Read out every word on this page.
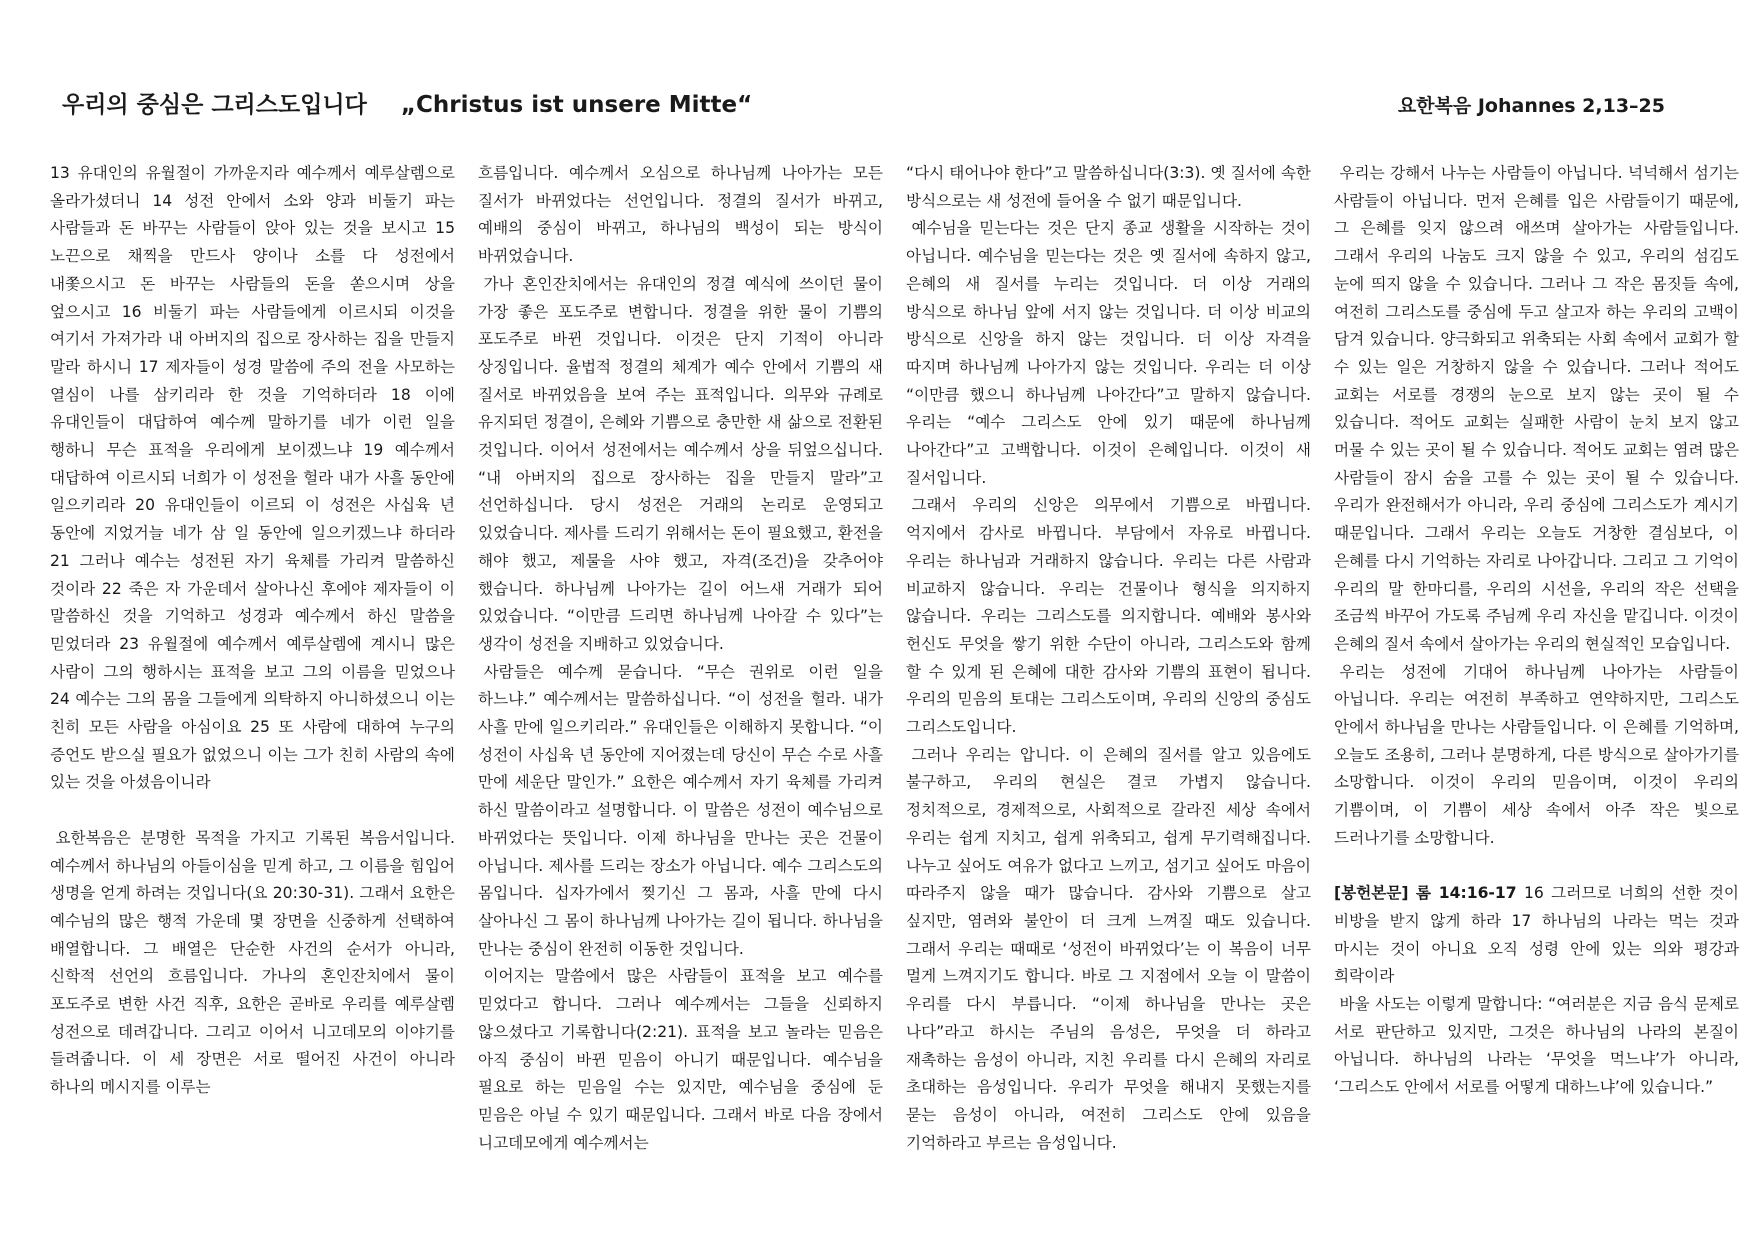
우리의 중심은 그리스도입니다 „Christus ist unsere Mitte“	요한복음 Johannes 2,13–25

13 유대인의 유월절이 가까운지라 예수께서 예루살렘으로 올라가셨더니 14 성전 안에서 소와 양과 비둘기 파는 사람들과 돈 바꾸는 사람들이 앉아 있는 것을 보시고 15 노끈으로 채찍을 만드사 양이나 소를 다 성전에서 내쫓으시고 돈 바꾸는 사람들의 돈을 쏟으시며 상을 엎으시고 16 비둘기 파는 사람들에게 이르시되 이것을 여기서 가져가라 내 아버지의 집으로 장사하는 집을 만들지 말라 하시니 17 제자들이 성경 말씀에 주의 전을 사모하는 열심이 나를 삼키리라 한 것을 기억하더라 18 이에 유대인들이 대답하여 예수께 말하기를 네가 이런 일을 행하니 무슨 표적을 우리에게 보이겠느냐 19 예수께서 대답하여 이르시되 너희가 이 성전을 헐라 내가 사흘 동안에 일으키리라 20 유대인들이 이르되 이 성전은 사십육 년 동안에 지었거늘 네가 삼 일 동안에 일으키겠느냐 하더라 21 그러나 예수는 성전된 자기 육체를 가리켜 말씀하신 것이라 22 죽은 자 가운데서 살아나신 후에야 제자들이 이 말씀하신 것을 기억하고 성경과 예수께서 하신 말씀을 믿었더라 23 유월절에 예수께서 예루살렘에 계시니 많은 사람이 그의 행하시는 표적을 보고 그의 이름을 믿었으나 24 예수는 그의 몸을 그들에게 의탁하지 아니하셨으니 이는 친히 모든 사람을 아심이요 25 또 사람에 대하여 누구의 증언도 받으실 필요가 없었으니 이는 그가 친히 사람의 속에 있는 것을 아셨음이니라

요한복음은 분명한 목적을 가지고 기록된 복음서입니다. 예수께서 하나님의 아들이심을 믿게 하고, 그 이름을 힘입어 생명을 얻게 하려는 것입니다(요 20:30-31). 그래서 요한은 예수님의 많은 행적 가운데 몇 장면을 신중하게 선택하여 배열합니다. 그 배열은 단순한 사건의 순서가 아니라, 신학적 선언의 흐름입니다. 가나의 혼인잔치에서 물이 포도주로 변한 사건 직후, 요한은 곧바로 우리를 예루살렘 성전으로 데려갑니다. 그리고 이어서 니고데모의 이야기를 들려줍니다. 이 세 장면은 서로 떨어진 사건이 아니라 하나의 메시지를 이루는

흐름입니다. 예수께서 오심으로 하나님께 나아가는 모든 질서가 바뀌었다는 선언입니다. 정결의 질서가 바뀌고, 예배의 중심이 바뀌고, 하나님의 백성이 되는 방식이 바뀌었습니다.

가나 혼인잔치에서는 유대인의 정결 예식에 쓰이던 물이 가장 좋은 포도주로 변합니다. 정결을 위한 물이 기쁨의 포도주로 바뀐 것입니다. 이것은 단지 기적이 아니라 상징입니다. 율법적 정결의 체계가 예수 안에서 기쁨의 새 질서로 바뀌었음을 보여 주는 표적입니다. 의무와 규례로 유지되던 정결이, 은혜와 기쁨으로 충만한 새 삶으로 전환된 것입니다. 이어서 성전에서는 예수께서 상을 뒤엎으십니다. “내 아버지의 집으로 장사하는 집을 만들지 말라”고 선언하십니다. 당시 성전은 거래의 논리로 운영되고 있었습니다. 제사를 드리기 위해서는 돈이 필요했고, 환전을 해야 했고, 제물을 사야 했고, 자격(조건)을 갖추어야 했습니다. 하나님께 나아가는 길이 어느새 거래가 되어 있었습니다. “이만큼 드리면 하나님께 나아갈 수 있다”는 생각이 성전을 지배하고 있었습니다.

사람들은 예수께 묻습니다. “무슨 권위로 이런 일을 하느냐.” 예수께서는 말씀하십니다. “이 성전을 헐라. 내가 사흘 만에 일으키리라.” 유대인들은 이해하지 못합니다. “이 성전이 사십육 년 동안에 지어졌는데 당신이 무슨 수로 사흘 만에 세운단 말인가.” 요한은 예수께서 자기 육체를 가리켜 하신 말씀이라고 설명합니다. 이 말씀은 성전이 예수님으로 바뀌었다는 뜻입니다. 이제 하나님을 만나는 곳은 건물이 아닙니다. 제사를 드리는 장소가 아닙니다. 예수 그리스도의 몸입니다. 십자가에서 찢기신 그 몸과, 사흘 만에 다시 살아나신 그 몸이 하나님께 나아가는 길이 됩니다. 하나님을 만나는 중심이 완전히 이동한 것입니다.

이어지는 말씀에서 많은 사람들이 표적을 보고 예수를 믿었다고 합니다. 그러나 예수께서는 그들을 신뢰하지 않으셨다고 기록합니다(2:21). 표적을 보고 놀라는 믿음은 아직 중심이 바뀐 믿음이 아니기 때문입니다. 예수님을 필요로 하는 믿음일 수는 있지만, 예수님을 중심에 둔 믿음은 아닐 수 있기 때문입니다. 그래서 바로 다음 장에서 니고데모에게 예수께서는

“다시 태어나야 한다”고 말씀하십니다(3:3). 옛 질서에 속한 방식으로는 새 성전에 들어올 수 없기 때문입니다.

예수님을 믿는다는 것은 단지 종교 생활을 시작하는 것이 아닙니다. 예수님을 믿는다는 것은 옛 질서에 속하지 않고, 은혜의 새 질서를 누리는 것입니다. 더 이상 거래의 방식으로 하나님 앞에 서지 않는 것입니다. 더 이상 비교의 방식으로 신앙을 하지 않는 것입니다. 더 이상 자격을 따지며 하나님께 나아가지 않는 것입니다. 우리는 더 이상 “이만큼 했으니 하나님께 나아간다”고 말하지 않습니다. 우리는 “예수 그리스도 안에 있기 때문에 하나님께 나아간다”고 고백합니다. 이것이 은혜입니다. 이것이 새 질서입니다.

그래서 우리의 신앙은 의무에서 기쁨으로 바뀝니다. 억지에서 감사로 바뀝니다. 부담에서 자유로 바뀝니다. 우리는 하나님과 거래하지 않습니다. 우리는 다른 사람과 비교하지 않습니다. 우리는 건물이나 형식을 의지하지 않습니다. 우리는 그리스도를 의지합니다. 예배와 봉사와 헌신도 무엇을 쌓기 위한 수단이 아니라, 그리스도와 함께 할 수 있게 된 은혜에 대한 감사와 기쁨의 표현이 됩니다. 우리의 믿음의 토대는 그리스도이며, 우리의 신앙의 중심도 그리스도입니다.

그러나 우리는 압니다. 이 은혜의 질서를 알고 있음에도 불구하고, 우리의 현실은 결코 가볍지 않습니다. 정치적으로, 경제적으로, 사회적으로 갈라진 세상 속에서 우리는 쉽게 지치고, 쉽게 위축되고, 쉽게 무기력해집니다. 나누고 싶어도 여유가 없다고 느끼고, 섬기고 싶어도 마음이 따라주지 않을 때가 많습니다. 감사와 기쁨으로 살고 싶지만, 염려와 불안이 더 크게 느껴질 때도 있습니다. 그래서 우리는 때때로 ‘성전이 바뀌었다’는 이 복음이 너무 멀게 느껴지기도 합니다. 바로 그 지점에서 오늘 이 말씀이 우리를 다시 부릅니다. “이제 하나님을 만나는 곳은 나다”라고 하시는 주님의 음성은, 무엇을 더 하라고 재촉하는 음성이 아니라, 지친 우리를 다시 은혜의 자리로 초대하는 음성입니다. 우리가 무엇을 해내지 못했는지를 묻는 음성이 아니라, 여전히 그리스도 안에 있음을 기억하라고 부르는 음성입니다.

우리는 강해서 나누는 사람들이 아닙니다. 넉넉해서 섬기는 사람들이 아닙니다. 먼저 은혜를 입은 사람들이기 때문에, 그 은혜를 잊지 않으려 애쓰며 살아가는 사람들입니다. 그래서 우리의 나눔도 크지 않을 수 있고, 우리의 섬김도 눈에 띄지 않을 수 있습니다. 그러나 그 작은 몸짓들 속에, 여전히 그리스도를 중심에 두고 살고자 하는 우리의 고백이 담겨 있습니다. 양극화되고 위축되는 사회 속에서 교회가 할 수 있는 일은 거창하지 않을 수 있습니다. 그러나 적어도 교회는 서로를 경쟁의 눈으로 보지 않는 곳이 될 수 있습니다. 적어도 교회는 실패한 사람이 눈치 보지 않고 머물 수 있는 곳이 될 수 있습니다. 적어도 교회는 염려 많은 사람들이 잠시 숨을 고를 수 있는 곳이 될 수 있습니다. 우리가 완전해서가 아니라, 우리 중심에 그리스도가 계시기 때문입니다. 그래서 우리는 오늘도 거창한 결심보다, 이 은혜를 다시 기억하는 자리로 나아갑니다. 그리고 그 기억이 우리의 말 한마디를, 우리의 시선을, 우리의 작은 선택을 조금씩 바꾸어 가도록 주님께 우리 자신을 맡깁니다. 이것이 은혜의 질서 속에서 살아가는 우리의 현실적인 모습입니다.

우리는 성전에 기대어 하나님께 나아가는 사람들이 아닙니다. 우리는 여전히 부족하고 연약하지만, 그리스도 안에서 하나님을 만나는 사람들입니다. 이 은혜를 기억하며, 오늘도 조용히, 그러나 분명하게, 다른 방식으로 살아가기를 소망합니다. 이것이 우리의 믿음이며, 이것이 우리의 기쁨이며, 이 기쁨이 세상 속에서 아주 작은 빛으로 드러나기를 소망합니다.

[봉헌본문] 롬 14:16-17 16 그러므로 너희의 선한 것이 비방을 받지 않게 하라 17 하나님의 나라는 먹는 것과 마시는 것이 아니요 오직 성령 안에 있는 의와 평강과 희락이라

바울 사도는 이렇게 말합니다: “여러분은 지금 음식 문제로 서로 판단하고 있지만, 그것은 하나님의 나라의 본질이 아닙니다. 하나님의 나라는 ‘무엇을 먹느냐’가 아니라, ‘그리스도 안에서 서로를 어떻게 대하느냐’에 있습니다.”
